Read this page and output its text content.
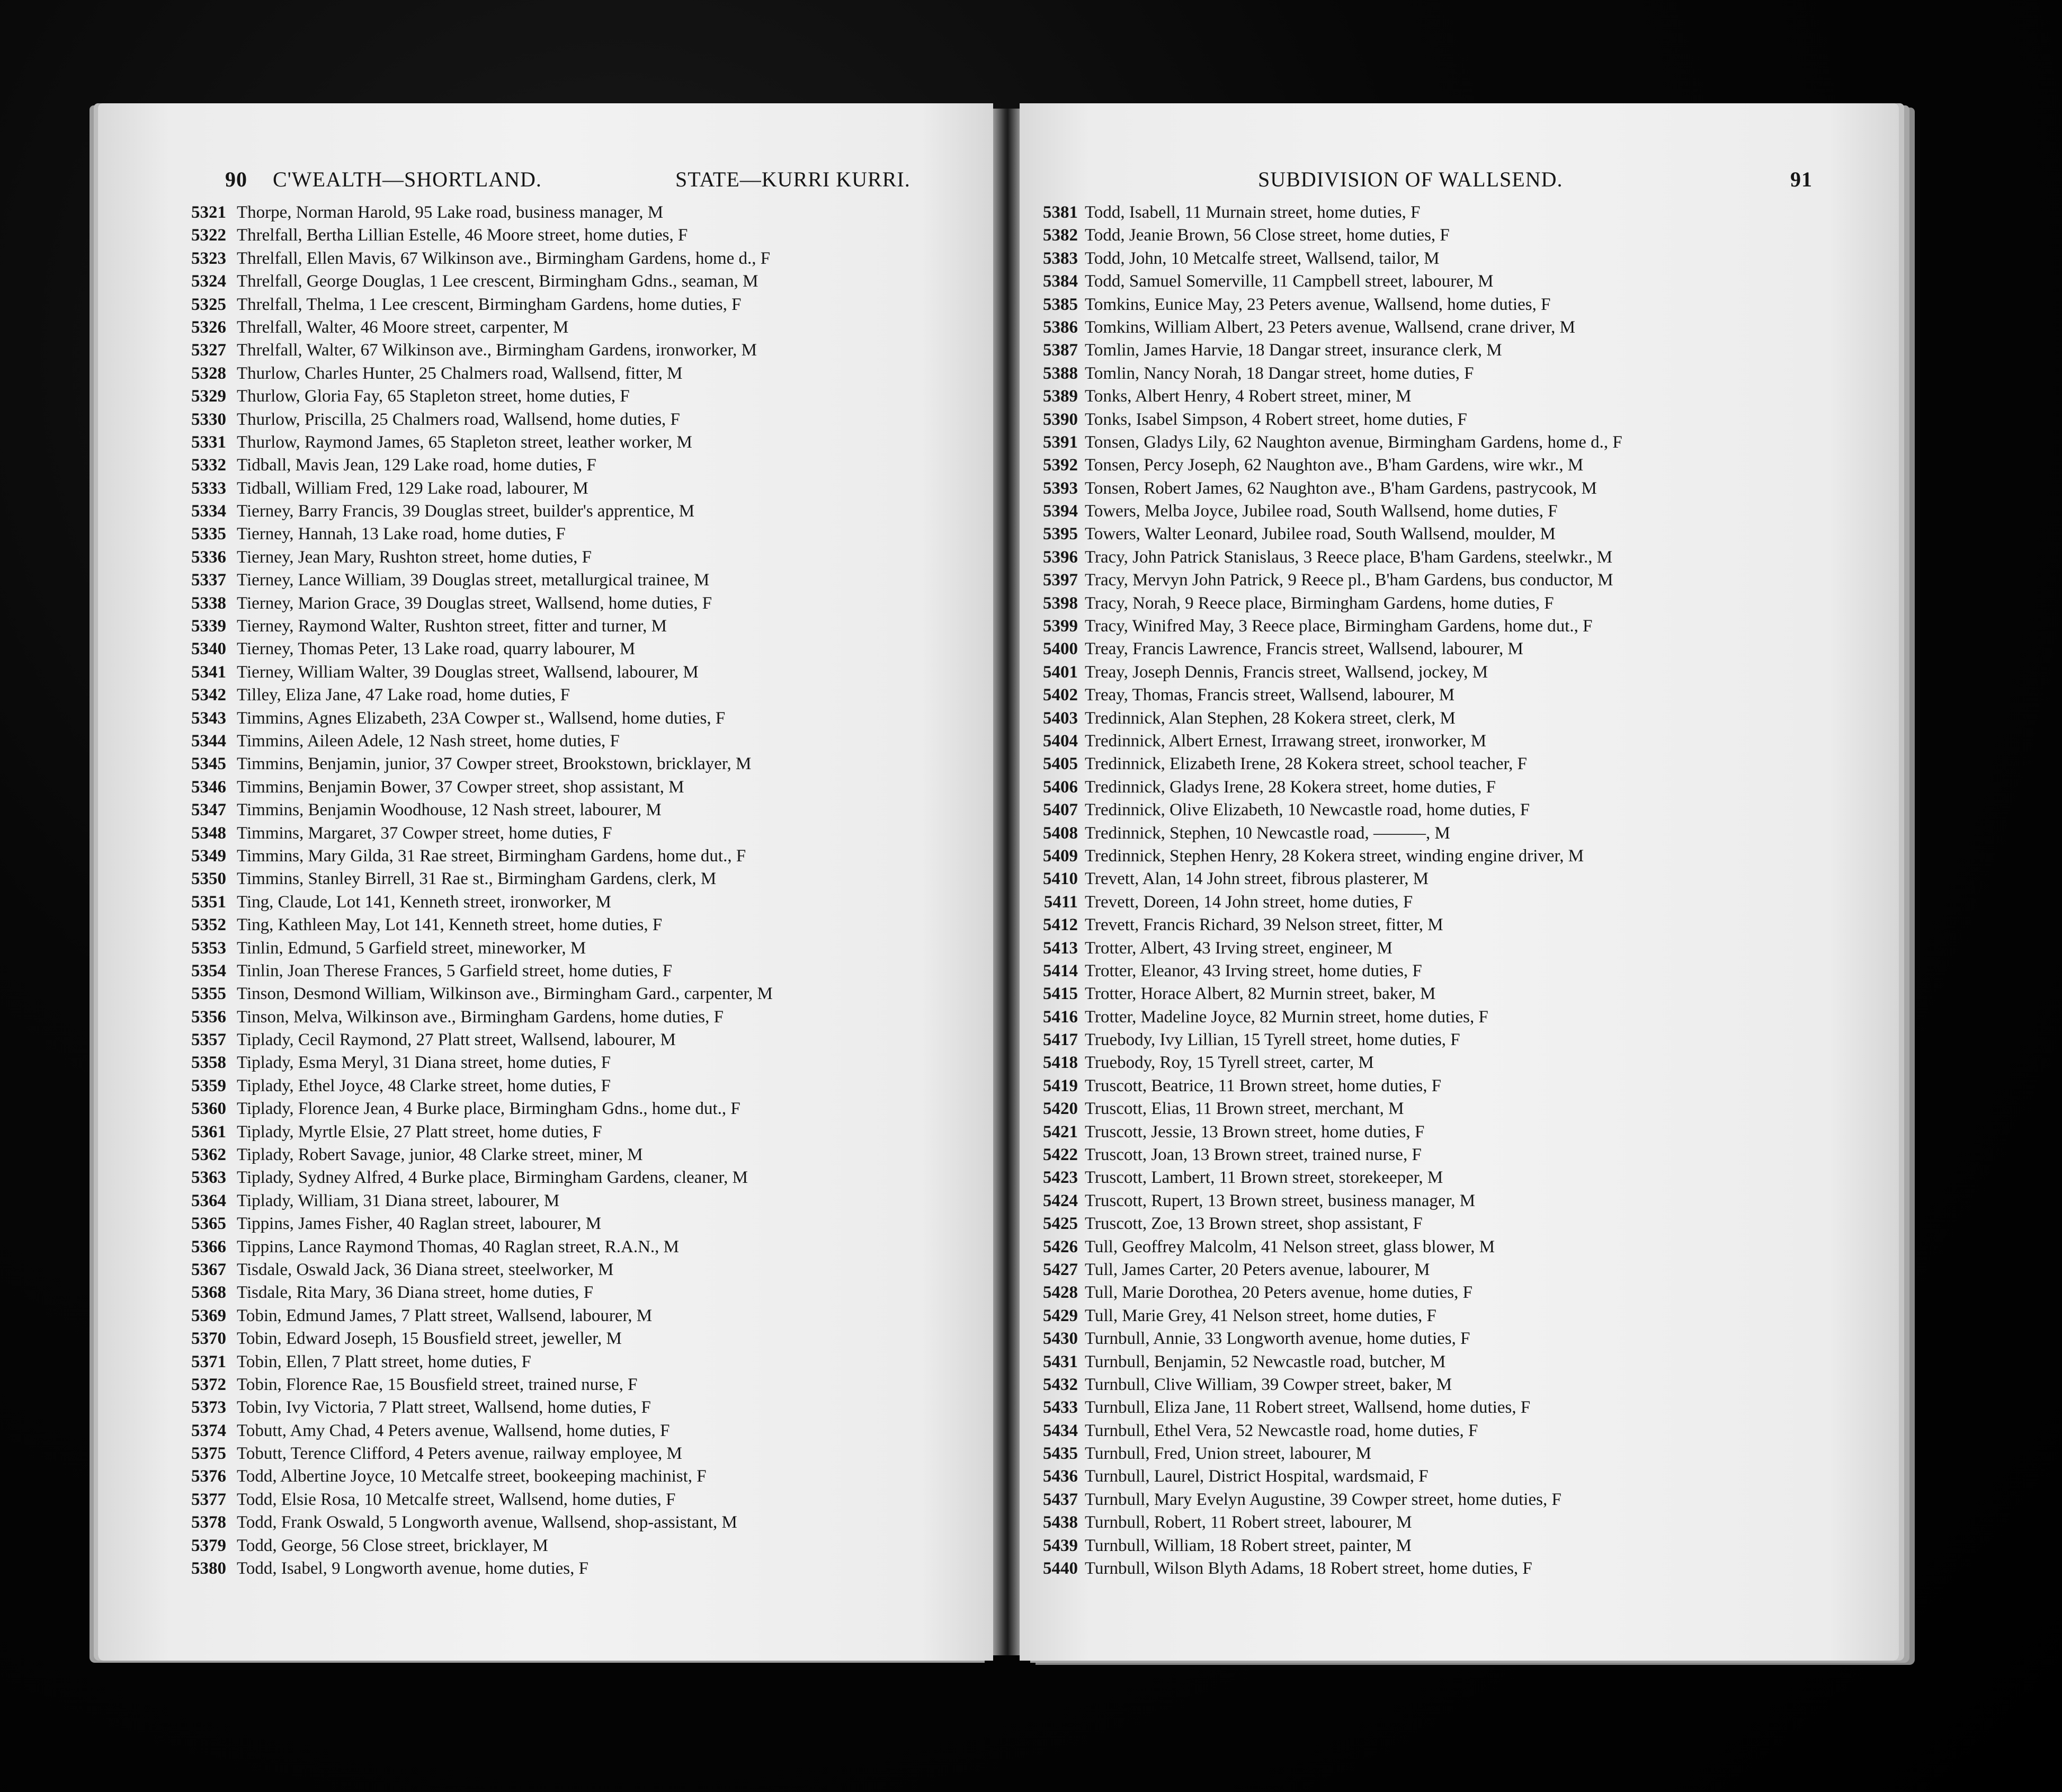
90 C'WEALTH—SHORTLAND.	STATE—KURRI KURRI.
5321 Thorpe, Norman Harold, 95 Lake road, business manager, M
5322 Threlfall, Bertha Lillian Estelle, 46 Moore street, home duties, F
5323 Threlfall, Ellen Mavis, 67 Wilkinson ave., Birmingham Gardens, home d., F
5324 Threlfall, George Douglas, 1 Lee crescent, Birmingham Gdns., seaman, M
5325 Threlfall, Thelma, 1 Lee crescent, Birmingham Gardens, home duties, F
5326 Threlfall, Walter, 46 Moore street, carpenter, M
5327 Threlfall, Walter, 67 Wilkinson ave., Birmingham Gardens, ironworker, M
5328 Thurlow, Charles Hunter, 25 Chalmers road, Wallsend, fitter, M
5329 Thurlow, Gloria Fay, 65 Stapleton street, home duties, F
5330 Thurlow, Priscilla, 25 Chalmers road, Wallsend, home duties, F
5331 Thurlow, Raymond James, 65 Stapleton street, leather worker, M
5332 Tidball, Mavis Jean, 129 Lake road, home duties, F
5333 Tidball, William Fred, 129 Lake road, labourer, M
5334 Tierney, Barry Francis, 39 Douglas street, builder's apprentice, M
5335 Tierney, Hannah, 13 Lake road, home duties, F
5336 Tierney, Jean Mary, Rushton street, home duties, F
5337 Tierney, Lance William, 39 Douglas street, metallurgical trainee, M
5338 Tierney, Marion Grace, 39 Douglas street, Wallsend, home duties, F
5339 Tierney, Raymond Walter, Rushton street, fitter and turner, M
5340 Tierney, Thomas Peter, 13 Lake road, quarry labourer, M
5341 Tierney, William Walter, 39 Douglas street, Wallsend, labourer, M
5342 Tilley, Eliza Jane, 47 Lake road, home duties, F
5343 Timmins, Agnes Elizabeth, 23A Cowper st., Wallsend, home duties, F
5344 Timmins, Aileen Adele, 12 Nash street, home duties, F
5345 Timmins, Benjamin, junior, 37 Cowper street, Brookstown, bricklayer, M
5346 Timmins, Benjamin Bower, 37 Cowper street, shop assistant, M
5347 Timmins, Benjamin Woodhouse, 12 Nash street, labourer, M
5348 Timmins, Margaret, 37 Cowper street, home duties, F
5349 Timmins, Mary Gilda, 31 Rae street, Birmingham Gardens, home dut., F
5350 Timmins, Stanley Birrell, 31 Rae st., Birmingham Gardens, clerk, M
5351 Ting, Claude, Lot 141, Kenneth street, ironworker, M
5352 Ting, Kathleen May, Lot 141, Kenneth street, home duties, F
5353 Tinlin, Edmund, 5 Garfield street, mineworker, M
5354 Tinlin, Joan Therese Frances, 5 Garfield street, home duties, F
5355 Tinson, Desmond William, Wilkinson ave., Birmingham Gard., carpenter, M
5356 Tinson, Melva, Wilkinson ave., Birmingham Gardens, home duties, F
5357 Tiplady, Cecil Raymond, 27 Platt street, Wallsend, labourer, M
5358 Tiplady, Esma Meryl, 31 Diana street, home duties, F
5359 Tiplady, Ethel Joyce, 48 Clarke street, home duties, F
5360 Tiplady, Florence Jean, 4 Burke place, Birmingham Gdns., home dut., F
5361 Tiplady, Myrtle Elsie, 27 Platt street, home duties, F
5362 Tiplady, Robert Savage, junior, 48 Clarke street, miner, M
5363 Tiplady, Sydney Alfred, 4 Burke place, Birmingham Gardens, cleaner, M
5364 Tiplady, William, 31 Diana street, labourer, M
5365 Tippins, James Fisher, 40 Raglan street, labourer, M
5366 Tippins, Lance Raymond Thomas, 40 Raglan street, R.A.N., M
5367 Tisdale, Oswald Jack, 36 Diana street, steelworker, M
5368 Tisdale, Rita Mary, 36 Diana street, home duties, F
5369 Tobin, Edmund James, 7 Platt street, Wallsend, labourer, M
5370 Tobin, Edward Joseph, 15 Bousfield street, jeweller, M
5371 Tobin, Ellen, 7 Platt street, home duties, F
5372 Tobin, Florence Rae, 15 Bousfield street, trained nurse, F
5373 Tobin, Ivy Victoria, 7 Platt street, Wallsend, home duties, F
5374 Tobutt, Amy Chad, 4 Peters avenue, Wallsend, home duties, F
5375 Tobutt, Terence Clifford, 4 Peters avenue, railway employee, M
5376 Todd, Albertine Joyce, 10 Metcalfe street, bookeeping machinist, F
5377 Todd, Elsie Rosa, 10 Metcalfe street, Wallsend, home duties, F
5378 Todd, Frank Oswald, 5 Longworth avenue, Wallsend, shop-assistant, M
5379 Todd, George, 56 Close street, bricklayer, M
5380 Todd, Isabel, 9 Longworth avenue, home duties, F
SUBDIVISION OF WALLSEND.	91
5381 Todd, Isabell, 11 Murnain street, home duties, F
5382 Todd, Jeanie Brown, 56 Close street, home duties, F
5383 Todd, John, 10 Metcalfe street, Wallsend, tailor, M
5384 Todd, Samuel Somerville, 11 Campbell street, labourer, M
5385 Tomkins, Eunice May, 23 Peters avenue, Wallsend, home duties, F
5386 Tomkins, William Albert, 23 Peters avenue, Wallsend, crane driver, M
5387 Tomlin, James Harvie, 18 Dangar street, insurance clerk, M
5388 Tomlin, Nancy Norah, 18 Dangar street, home duties, F
5389 Tonks, Albert Henry, 4 Robert street, miner, M
5390 Tonks, Isabel Simpson, 4 Robert street, home duties, F
5391 Tonsen, Gladys Lily, 62 Naughton avenue, Birmingham Gardens, home d., F
5392 Tonsen, Percy Joseph, 62 Naughton ave., B'ham Gardens, wire wkr., M
5393 Tonsen, Robert James, 62 Naughton ave., B'ham Gardens, pastrycook, M
5394 Towers, Melba Joyce, Jubilee road, South Wallsend, home duties, F
5395 Towers, Walter Leonard, Jubilee road, South Wallsend, moulder, M
5396 Tracy, John Patrick Stanislaus, 3 Reece place, B'ham Gardens, steelwkr., M
5397 Tracy, Mervyn John Patrick, 9 Reece pl., B'ham Gardens, bus conductor, M
5398 Tracy, Norah, 9 Reece place, Birmingham Gardens, home duties, F
5399 Tracy, Winifred May, 3 Reece place, Birmingham Gardens, home dut., F
5400 Treay, Francis Lawrence, Francis street, Wallsend, labourer, M
5401 Treay, Joseph Dennis, Francis street, Wallsend, jockey, M
5402 Treay, Thomas, Francis street, Wallsend, labourer, M
5403 Tredinnick, Alan Stephen, 28 Kokera street, clerk, M
5404 Tredinnick, Albert Ernest, Irrawang street, ironworker, M
5405 Tredinnick, Elizabeth Irene, 28 Kokera street, school teacher, F
5406 Tredinnick, Gladys Irene, 28 Kokera street, home duties, F
5407 Tredinnick, Olive Elizabeth, 10 Newcastle road, home duties, F
5408 Tredinnick, Stephen, 10 Newcastle road, ———, M
5409 Tredinnick, Stephen Henry, 28 Kokera street, winding engine driver, M
5410 Trevett, Alan, 14 John street, fibrous plasterer, M
5411 Trevett, Doreen, 14 John street, home duties, F
5412 Trevett, Francis Richard, 39 Nelson street, fitter, M
5413 Trotter, Albert, 43 Irving street, engineer, M
5414 Trotter, Eleanor, 43 Irving street, home duties, F
5415 Trotter, Horace Albert, 82 Murnin street, baker, M
5416 Trotter, Madeline Joyce, 82 Murnin street, home duties, F
5417 Truebody, Ivy Lillian, 15 Tyrell street, home duties, F
5418 Truebody, Roy, 15 Tyrell street, carter, M
5419 Truscott, Beatrice, 11 Brown street, home duties, F
5420 Truscott, Elias, 11 Brown street, merchant, M
5421 Truscott, Jessie, 13 Brown street, home duties, F
5422 Truscott, Joan, 13 Brown street, trained nurse, F
5423 Truscott, Lambert, 11 Brown street, storekeeper, M
5424 Truscott, Rupert, 13 Brown street, business manager, M
5425 Truscott, Zoe, 13 Brown street, shop assistant, F
5426 Tull, Geoffrey Malcolm, 41 Nelson street, glass blower, M
5427 Tull, James Carter, 20 Peters avenue, labourer, M
5428 Tull, Marie Dorothea, 20 Peters avenue, home duties, F
5429 Tull, Marie Grey, 41 Nelson street, home duties, F
5430 Turnbull, Annie, 33 Longworth avenue, home duties, F
5431 Turnbull, Benjamin, 52 Newcastle road, butcher, M
5432 Turnbull, Clive William, 39 Cowper street, baker, M
5433 Turnbull, Eliza Jane, 11 Robert street, Wallsend, home duties, F
5434 Turnbull, Ethel Vera, 52 Newcastle road, home duties, F
5435 Turnbull, Fred, Union street, labourer, M
5436 Turnbull, Laurel, District Hospital, wardsmaid, F
5437 Turnbull, Mary Evelyn Augustine, 39 Cowper street, home duties, F
5438 Turnbull, Robert, 11 Robert street, labourer, M
5439 Turnbull, William, 18 Robert street, painter, M
5440 Turnbull, Wilson Blyth Adams, 18 Robert street, home duties, F
